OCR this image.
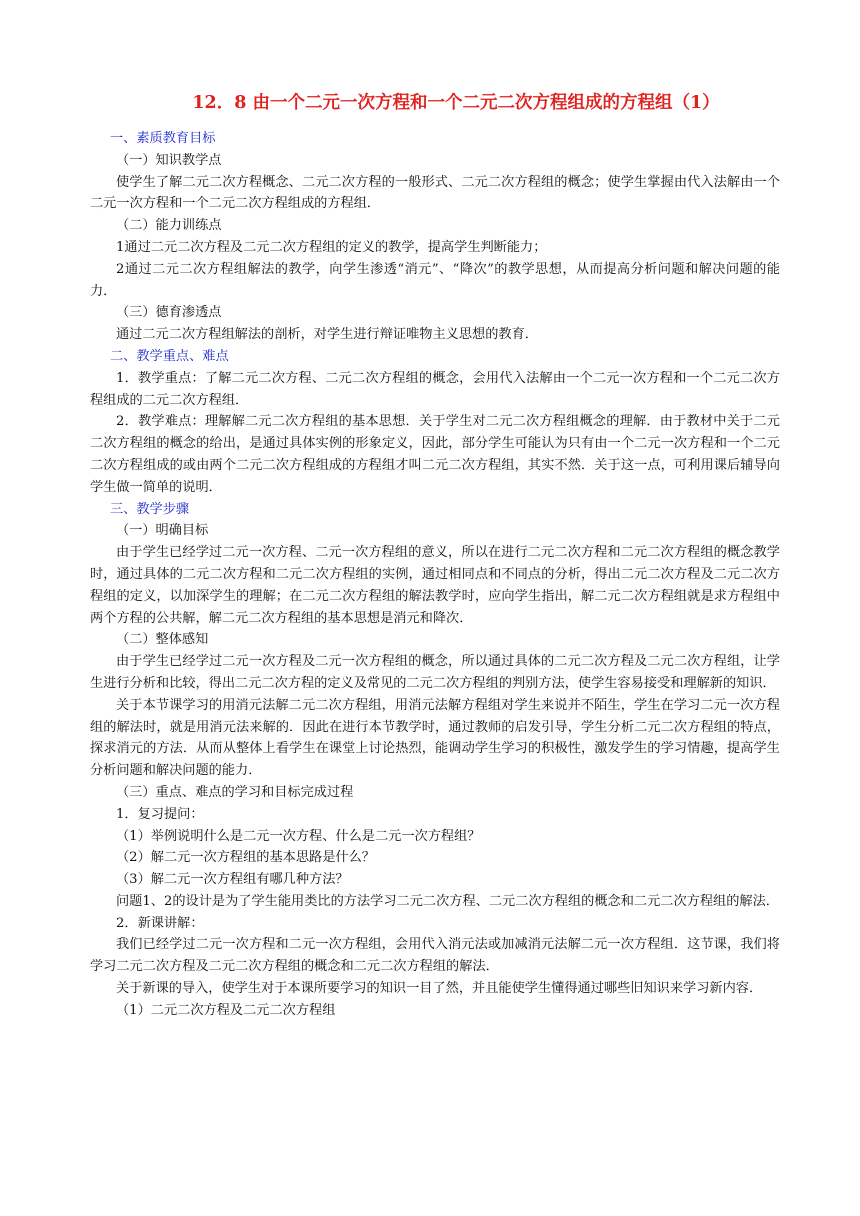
12．8 由一个二元一次方程和一个二元二次方程组成的方程组（1）

一、素质教育目标

（一）知识教学点

使学生了解二元二次方程概念、二元二次方程的一般形式、二元二次方程组的概念；使学生掌握由代入法解由一个二元一次方程和一个二元二次方程组成的方程组．

（二）能力训练点

1通过二元二次方程及二元二次方程组的定义的教学，提高学生判断能力；

2通过二元二次方程组解法的教学，向学生渗透“消元”、“降次”的教学思想，从而提高分析问题和解决问题的能力．

（三）德育渗透点

通过二元二次方程组解法的剖析，对学生进行辩证唯物主义思想的教育．

二、教学重点、难点

1．教学重点：了解二元二次方程、二元二次方程组的概念，会用代入法解由一个二元一次方程和一个二元二次方程组成的二元二次方程组．

2．教学难点：理解解二元二次方程组的基本思想．关于学生对二元二次方程组概念的理解．由于教材中关于二元二次方程组的概念的给出，是通过具体实例的形象定义，因此，部分学生可能认为只有由一个二元一次方程和一个二元二次方程组成的或由两个二元二次方程组成的方程组才叫二元二次方程组，其实不然．关于这一点，可利用课后辅导向学生做一简单的说明．

三、教学步骤

（一）明确目标

由于学生已经学过二元一次方程、二元一次方程组的意义，所以在进行二元二次方程和二元二次方程组的概念教学时，通过具体的二元二次方程和二元二次方程组的实例，通过相同点和不同点的分析，得出二元二次方程及二元二次方程组的定义，以加深学生的理解；在二元二次方程组的解法教学时，应向学生指出，解二元二次方程组就是求方程组中两个方程的公共解，解二元二次方程组的基本思想是消元和降次．

（二）整体感知

由于学生已经学过二元一次方程及二元一次方程组的概念，所以通过具体的二元二次方程及二元二次方程组，让学生进行分析和比较，得出二元二次方程的定义及常见的二元二次方程组的判别方法，使学生容易接受和理解新的知识．

关于本节课学习的用消元法解二元二次方程组，用消元法解方程组对学生来说并不陌生，学生在学习二元一次方程组的解法时，就是用消元法来解的．因此在进行本节教学时，通过教师的启发引导，学生分析二元二次方程组的特点，探求消元的方法．从而从整体上看学生在课堂上讨论热烈，能调动学生学习的积极性，激发学生的学习情趣，提高学生分析问题和解决问题的能力．

（三）重点、难点的学习和目标完成过程

1．复习提问：

（1）举例说明什么是二元一次方程、什么是二元一次方程组？

（2）解二元一次方程组的基本思路是什么？

（3）解二元一次方程组有哪几种方法？

问题1、2的设计是为了学生能用类比的方法学习二元二次方程、二元二次方程组的概念和二元二次方程组的解法．

2．新课讲解：

我们已经学过二元一次方程和二元一次方程组，会用代入消元法或加减消元法解二元一次方程组．这节课，我们将学习二元二次方程及二元二次方程组的概念和二元二次方程组的解法．

关于新课的导入，使学生对于本课所要学习的知识一目了然，并且能使学生懂得通过哪些旧知识来学习新内容．

（1）二元二次方程及二元二次方程组
